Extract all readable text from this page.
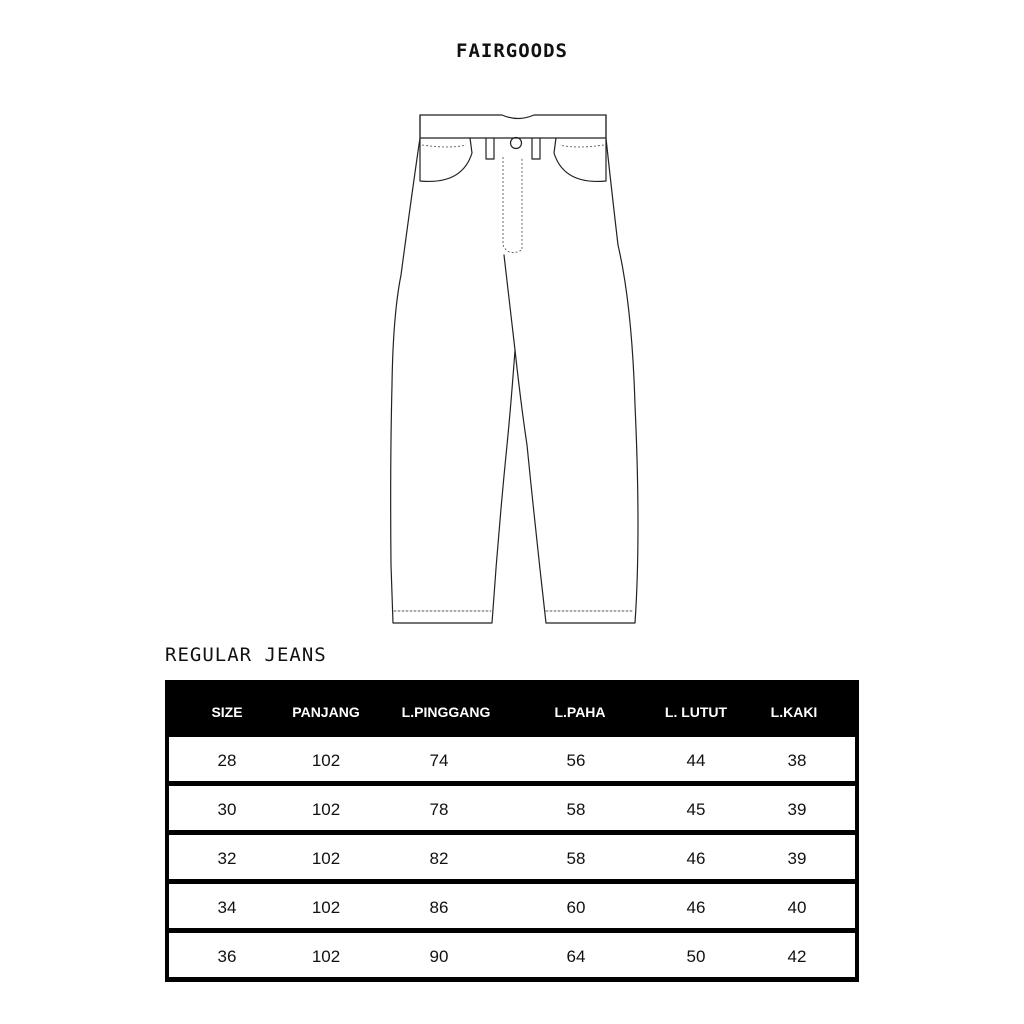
FAIRGOODS
REGULAR JEANS
SIZE	PANJANG	L.PINGGANG	L.PAHA	L. LUTUT	L.KAKI
28	102	74	56	44	38
30	102	78	58	45	39
32	102	82	58	46	39
34	102	86	60	46	40
36	102	90	64	50	42
